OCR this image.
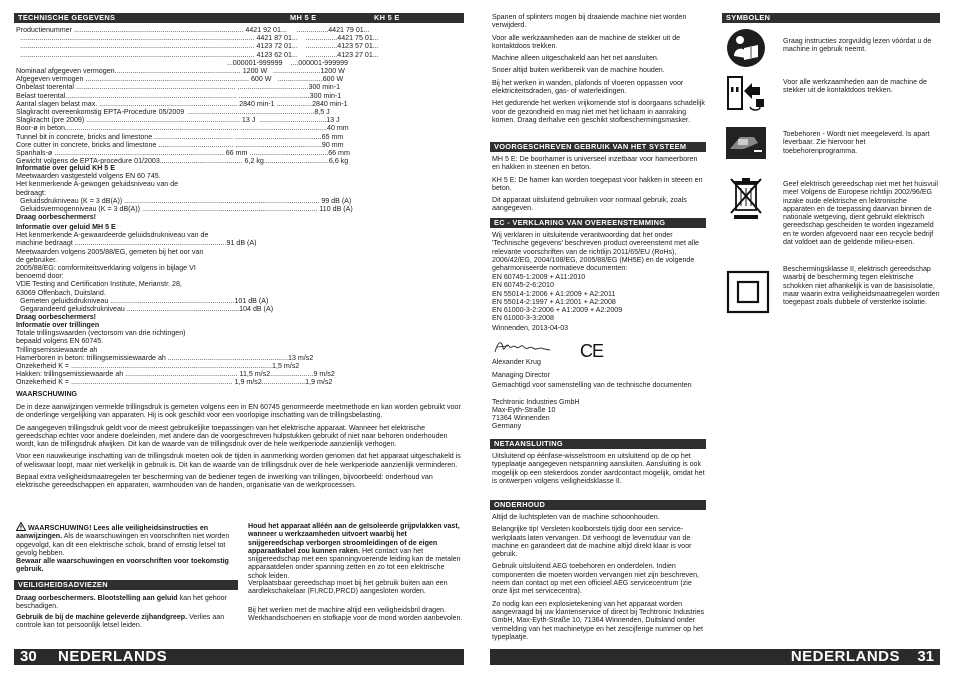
TECHNISCHE GEGEVENS	MH 5 E	KH 5 E
Productienummer ...................................................................................... 4421 92 01...     ................4421 79 01...
....................................................................................................................... 4421 87 01...    ................4421 75 01...
....................................................................................................................... 4123 72 01...    ................4123 57 01...
....................................................................................................................... 4123 62 01...    ................4123 27 01...
...000001-999999    ....000001-999999
Nominaal afgegeven vermogen................................................................ 1200 W   ........................1200 W
Afgegeven vermogen ................................................................................... 600 W   .......................600 W
Onbelast toerental ................................................................................. ....................................300 min-1
Belast toerental....................................................................................... ....................................300 min-1
Aantal slagen belast max. ...................................................................... 2840 min-1 ..................2840 min-1
Slagkracht overeenkomstig EPTA-Procedure 05/2009  ................................................................8,5 J
Slagkracht (pre 2009) .............................................................................. 13 J  ..................................13 J
Boor-ø in beton........................................................................................ ............................................40 mm
Tunnel bit in concrete, bricks and limestone ........................................ ............................................65 mm
Core cutter in concrete, bricks and limestone ...................................... ............................................90 mm
Spanhals-ø ...................................................................................... 66 mm ........................................66 mm
Gewicht volgens de EPTA-procedure 01/2003.......................................... 6,2 kg.................................6,6 kg
Informatie over geluid KH 5 E
Meetwaarden vastgesteld volgens EN 60 745.
Het kenmerkende A-gewogen geluidsniveau van de
bedraagt:
Geluidsdrukniveau (K = 3 dB(A)) ................................................................................................... 99 dB (A)
Geluidsvermogenniveau (K = 3 dB(A)) ......................................................................................... 110 dB (A)
Draag oorbeschermers!
Informatie over geluid MH 5 E
Het kenmerkende A-gewaardeerde geluidsdrukniveau van de
machine bedraagt .............................................................................91 dB (A)
Meetwaarden volgens 2005/88/EG, gemeten bij het oor van
de gebruiker.
2005/88/EG: comformiteitsverklaring volgens in bijlage VI
benoemd door:
VDE Testing and Certification Institute, Merianstr. 28,
63069 Offenbach, Duitsland.
Gemeten geluidsdrukniveau ...............................................................101 dB (A)
Gegarandeerd geluidsdrukniveau .........................................................104 dB (A)
Draag oorbeschermers!
Informatie over trillingen
Totale trillingswaarden (vectorsom van drie richtingen)
bepaald volgens EN 60745.
Trillingsemissiewaarde ah
Hamerboren in beton: trillingsemissiewaarde ah .............................................................13 m/s2
Onzekerheid K = ......................................................................................................1,5 m/s2
Hakken: trillingsemissiewaarde ah ......................................................... 11,5 m/s2......................9 m/s2
Onzekerheid K = .................................................................................. 1,9 m/s2......................1,9 m/s2
WAARSCHUWING
De in deze aanwijzingen vermelde trillingsdruk is gemeten volgens een in EN 60745 genormeerde meetmethode en kan worden gebruikt voor de onderlinge vergelijking van apparaten. Hij is ook geschikt voor een voorlopige inschatting van de trillingsbelasting.
De aangegeven trillingsdruk geldt voor de meest gebruikelijke toepassingen van het elektrische apparaat. Wanneer het elektrische gereedschap echter voor andere doeleinden, met andere dan de voorgeschreven hulpstukken gebruikt of niet naar behoren onderhouden wordt, kan de trillingsdruk afwijken. Dit kan de waarde van de trillingsdruk over de hele werkperiode aanzienlijk verhogen.
Voor een nauwkeurige inschatting van de trillingsdruk moeten ook de tijden in aanmerking worden genomen dat het apparaat uitgeschakeld is of weliswaar loopt, maar niet werkelijk in gebruik is. Dit kan de waarde van de trillingsdruk over de hele werkperiode aanzienlijk verminderen.
Bepaal extra veiligheidsmaatregelen ter bescherming van de bediener tegen de inwerking van trillingen, bijvoorbeeld: onderhoud van elektrische gereedschappen en apparaten, warmhouden van de handen, organisatie van de werkprocessen.
WAARSCHUWING! Lees alle veiligheidsinstructies en aanwijzingen. Als de waarschuwingen en voorschriften niet worden opgevolgd, kan dit een elektrische schok, brand of ernstig letsel tot gevolg hebben.
Bewaar alle waarschuwingen en voorschriften voor toekomstig gebruik.
VEILIGHEIDSADVIEZEN
Draag oorbeschermers. Blootstelling aan geluid kan het gehoor beschadigen.
Gebruik de bij de machine geleverde zijhandgreep. Verlies aan controle kan tot persoonlijk letsel leiden.
Houd het apparaat alléén aan de geïsoleerde grijpvlakken vast, wanneer u werkzaamheden uitvoert waarbij het snijgereedschap verborgen stroomleidingen of de eigen apparaatkabel zou kunnen raken. Het contact van het snijgereedschap met een spanningvoerende leiding kan de metalen apparaatdelen onder spanning zetten en zo tot een elektrische schok leiden.
Verplaatsbaar gereedschap moet bij het gebruik buiten aan een aardlekschakelaar (FI,RCD,PRCD) aangesloten worden.
Bij het werken met de machine altijd een veiligheidsbril dragen. Werkhandschoenen en stofkapje voor de mond worden aanbevolen.
30 NEDERLANDS
Spanen of splinters mogen bij draaiende machine niet worden verwijderd.
Voor alle werkzaamheden aan de machine de stekker uit de kontaktdoos trekken.
Machine alleen uitgeschakeld aan het net aansluiten.
Snoer altijd buiten werkbereik van de machine houden.
Bij het werken in wanden, plafonds of vloeren oppassen voor elektriciteitsdraden, gas- of waterleidingen.
Het gedurende het werken vrijkomende stof is doorgaans schadelijk
voor de gezondheid en mag niet met het lichaam in aanraking komen. Draag derhalve een geschikt stofbeschermingsmasker.
VOORGESCHREVEN GEBRUIK VAN HET SYSTEEM
MH 5 E: De boorhamer is universeel inzetbaar voor hameerboren en hakken in steenen en beton.
KH 5 E: De hamer kan worden toegepast voor hakken in steeen en beton.
Dit apparaat uitsluitend gebruiken voor normaal gebruik, zoals aangegeven.
EC - VERKLARING VAN OVEREENSTEMMING
Wij verklaren in uitsluitende verantwoording dat het onder 'Technische gegevens' beschreven product overeenstemt met alle relevante voorschriften van de richtlijn 2011/65/EU (RoHs), 2006/42/EG, 2004/108/EG, 2005/88/EG (MH5E) en de volgende geharmoniseerde normatieve documenten:
EN 60745-1:2009 + A11:2010
EN 60745-2-6:2010
EN 55014-1:2006 + A1:2009 + A2:2011
EN 55014-2:1997 + A1:2001 + A2:2008
EN 61000-3-2:2006 + A1:2009 + A2:2009
EN 61000-3-3:2008
Winnenden, 2013-04-03
CE
Alexander Krug
Managing Director
Gemachtigd voor samenstelling van de technische documenten
Techtronic Industries GmbH
Max-Eyth-Straße 10
71364 Winnenden
Germany
NETAANSLUITING
Uitsluitend op éénfase-wisselstroom en uitsluitend op de op het typeplaatje aangegeven netspanning aansluiten. Aansluiting is ook mogelijk op een stekerdoos zonder aardcontact mogelijk, omdat het is ontwerpen volgens veiligheidsklasse II.
ONDERHOUD
Altijd de luchtspleten van de machine schoonhouden.
Belangrijke tip! Versleten koolborstels tijdig door een service-werkplaats laten vervangen. Dit verhoogt de levensduur van de machine en garandeert dat de machine altijd direkt klaar is voor gebruik.
Gebruik uitsluitend AEG toebehoren en onderdelen. Indien componenten die moeten worden vervangen niet zijn beschreven, neem dan contact op met een officieel AEG servicecentrum (zie onze lijst met servicecentra).
Zo nodig kan een explosietekening van het apparaat worden aangevraagd bij uw klantenservice of direct bij Techtronic Industries GmbH, Max-Eyth-Straße 10, 71364 Winnenden, Duitsland onder vermelding van het machinetype en het zescijferige nummer op het typeplaatje.
SYMBOLEN
Graag instructies zorgvuldig lezen vóórdat u de machine in gebruik neemt.
Voor alle werkzaamheden aan de machine de stekker uit de kontaktdoos trekken.
Toebehoren - Wordt niet meegeleverd. Is apart leverbaar. Zie hiervoor het toebehorenprogramma.
Geef elektrisch gereedschap niet met het huisvuil mee! Volgens de Europese richtlijn 2002/96/EG inzake oude elektrische en lektronische apparaten en de toepassing daarvan binnen de nationale wetgeving, dient gebruikt elektrisch gereedschap gescheiden te worden ingezameld en te worden afgevoerd naar een recycle bedrijf dat voldoet aan de geldende milieu-eisen.
Beschermingsklasse II, elektrisch gereedschap waarbij de bescherming tegen elektrische schokken niet afhankelijk is van de basisisolatie, maar waarin extra veiligheidsmaatregelen worden toegepast zoals dubbele of versterkte isolatie.
NEDERLANDS 31
